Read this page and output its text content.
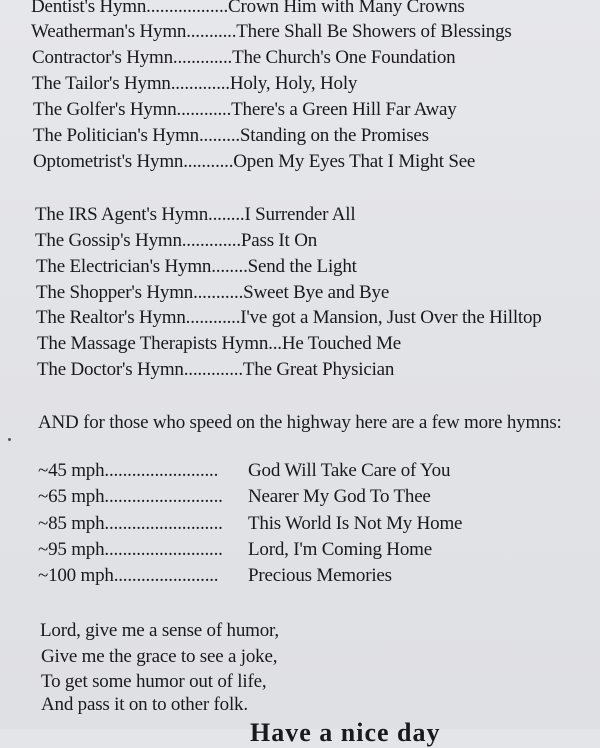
Dentist's Hymn..................Crown Him with Many Crowns
Weatherman's Hymn...........There Shall Be Showers of Blessings
Contractor's Hymn.............The Church's One Foundation
The Tailor's Hymn.............Holy, Holy, Holy
The Golfer's Hymn............There's a Green Hill Far Away
The Politician's Hymn.........Standing on the Promises
Optometrist's Hymn...........Open My Eyes That I Might See
The IRS Agent's Hymn........I Surrender All
The Gossip's Hymn.............Pass It On
The Electrician's Hymn........Send the Light
The Shopper's Hymn...........Sweet Bye and Bye
The Realtor's Hymn............I've got a Mansion, Just Over the Hilltop
The Massage Therapists Hymn...He Touched Me
The Doctor's Hymn.............The Great Physician
AND for those who speed on the highway here are a few more hymns:
~45 mph......................... God Will Take Care of You
~65 mph.......................... Nearer My God To Thee
~85 mph.......................... This World Is Not My Home
~95 mph.......................... Lord, I'm Coming Home
~100 mph....................... Precious Memories
Lord, give me a sense of humor,
Give me the grace to see a joke,
To get some humor out of life,
And pass it on to other folk.
Have a nice day
